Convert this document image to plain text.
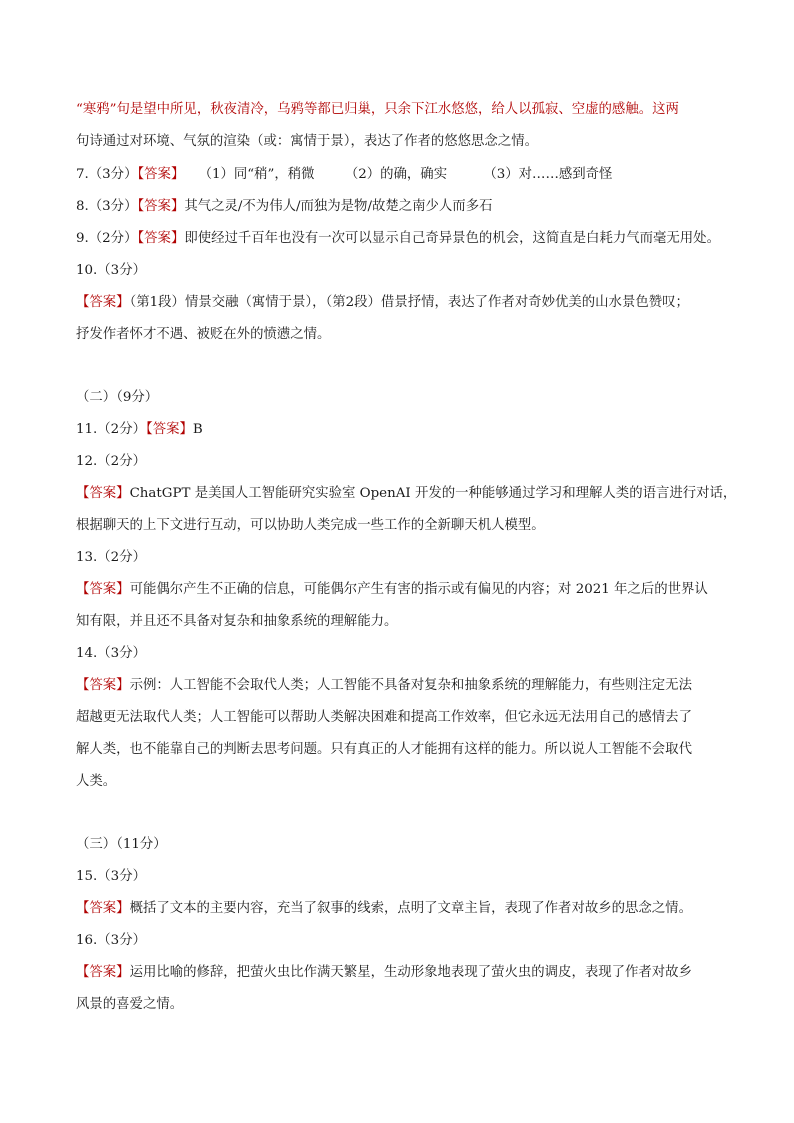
“寒鸦”句是望中所见，秋夜清冷，乌鸦等都已归巢，只余下江水悠悠，给人以孤寂、空虚的感触。这两
句诗通过对环境、气氛的渲染（或：寓情于景），表达了作者的悠悠思念之情。
7.（3分）【答案】 （1）同“稍”，稍微 （2）的确，确实	（3）对……感到奇怪
8.（3分）【答案】其气之灵/不为伟人/而独为是物/故楚之南少人而多石
9.（2分）【答案】即使经过千百年也没有一次可以显示自己奇异景色的机会，这简直是白耗力气而毫无用处。
10.（3分）
【答案】（第1段）情景交融（寓情于景），（第2段）借景抒情，表达了作者对奇妙优美的山水景色赞叹；
抒发作者怀才不遇、被贬在外的愤懑之情。
（二）（9分）
11.（2分）【答案】B
12.（2分）
【答案】ChatGPT 是美国人工智能研究实验室 OpenAI 开发的一种能够通过学习和理解人类的语言进行对话，
根据聊天的上下文进行互动，可以协助人类完成一些工作的全新聊天机人模型。
13.（2分）
【答案】可能偶尔产生不正确的信息，可能偶尔产生有害的指示或有偏见的内容；对 2021 年之后的世界认
知有限，并且还不具备对复杂和抽象系统的理解能力。
14.（3分）
【答案】示例：人工智能不会取代人类；人工智能不具备对复杂和抽象系统的理解能力，有些则注定无法
超越更无法取代人类；人工智能可以帮助人类解决困难和提高工作效率，但它永远无法用自己的感情去了
解人类，也不能靠自己的判断去思考问题。只有真正的人才能拥有这样的能力。所以说人工智能不会取代
人类。
（三）（11分）
15.（3分）
【答案】概括了文本的主要内容，充当了叙事的线索，点明了文章主旨，表现了作者对故乡的思念之情。
16.（3分）
【答案】运用比喻的修辞，把萤火虫比作满天繁星，生动形象地表现了萤火虫的调皮，表现了作者对故乡
风景的喜爱之情。
